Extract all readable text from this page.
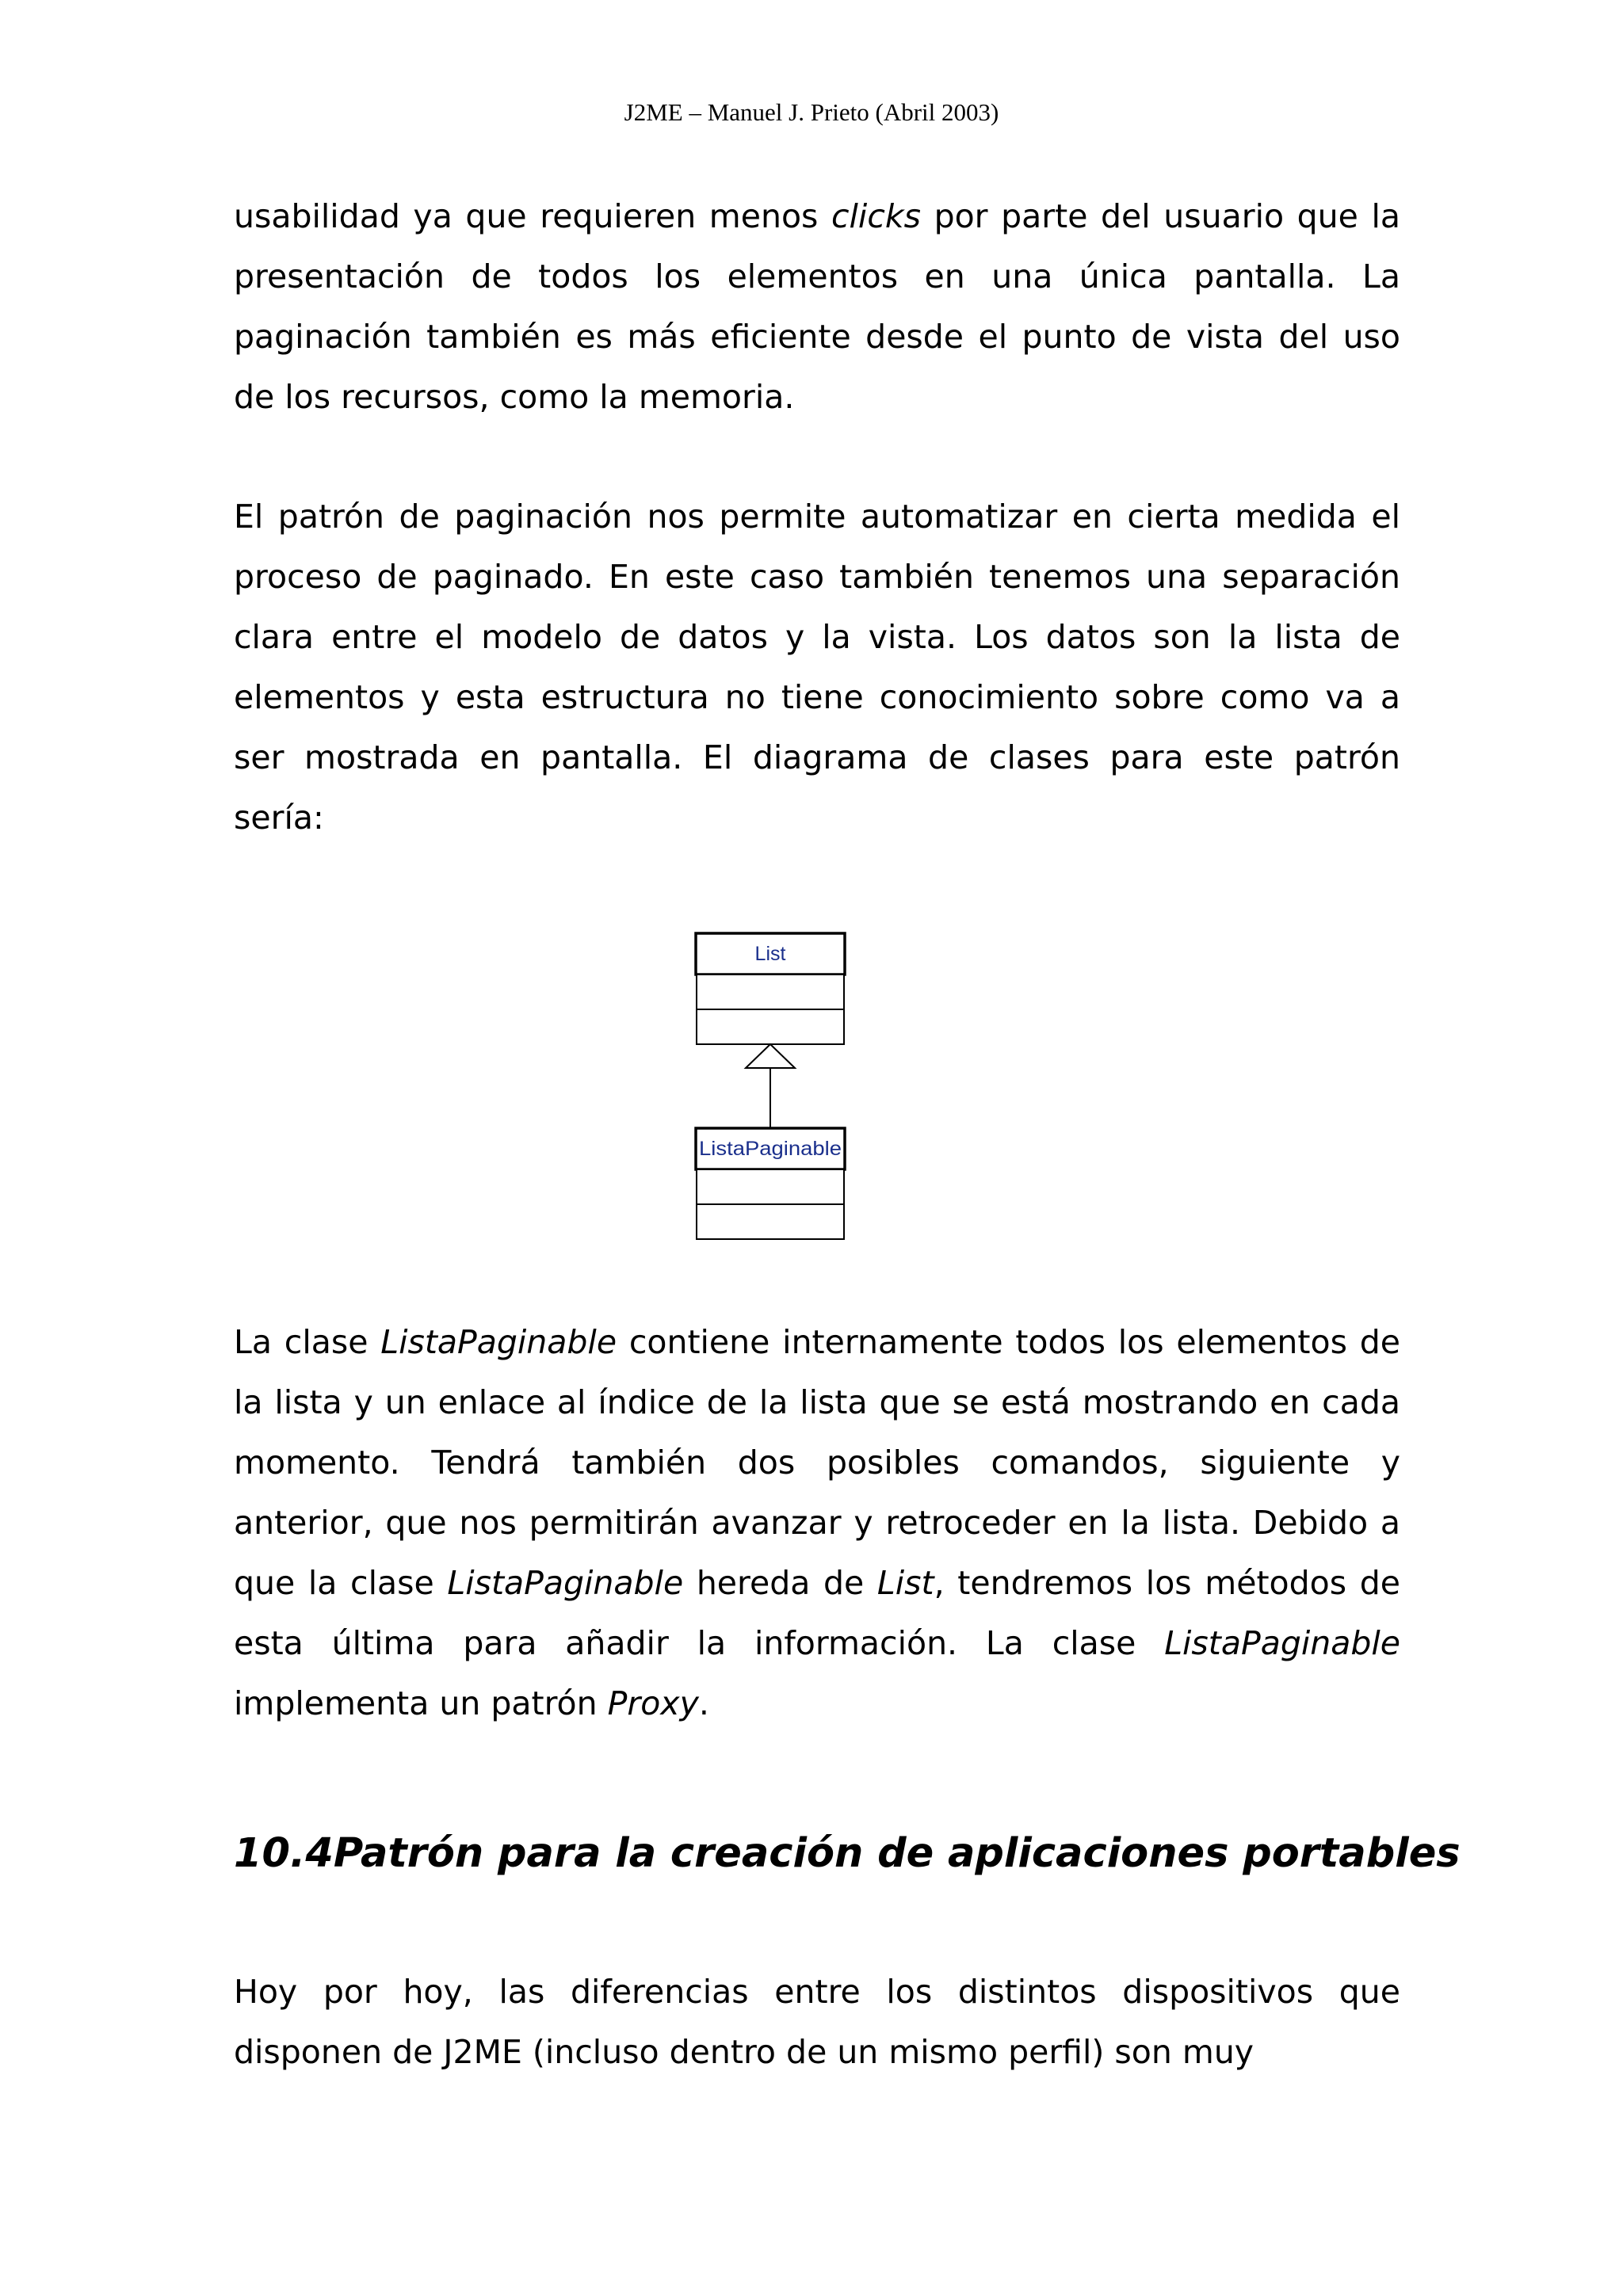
J2ME – Manuel J. Prieto (Abril 2003)

usabilidad ya que requieren menos clicks por parte del usuario que la presentación de todos los elementos en una única pantalla. La paginación también es más eficiente desde el punto de vista del uso de los recursos, como la memoria.

El patrón de paginación nos permite automatizar en cierta medida el proceso de paginado. En este caso también tenemos una separación clara entre el modelo de datos y la vista. Los datos son la lista de elementos y esta estructura no tiene conocimiento sobre como va a ser mostrada en pantalla. El diagrama de clases para este patrón sería:

List
ListaPaginable

La clase ListaPaginable contiene internamente todos los elementos de la lista y un enlace al índice de la lista que se está mostrando en cada momento. Tendrá también dos posibles comandos, siguiente y anterior, que nos permitirán avanzar y retroceder en la lista. Debido a que la clase ListaPaginable hereda de List, tendremos los métodos de esta última para añadir la información. La clase ListaPaginable implementa un patrón Proxy.

10.4Patrón para la creación de aplicaciones portables

Hoy por hoy, las diferencias entre los distintos dispositivos que disponen de J2ME (incluso dentro de un mismo perfil) son muy
